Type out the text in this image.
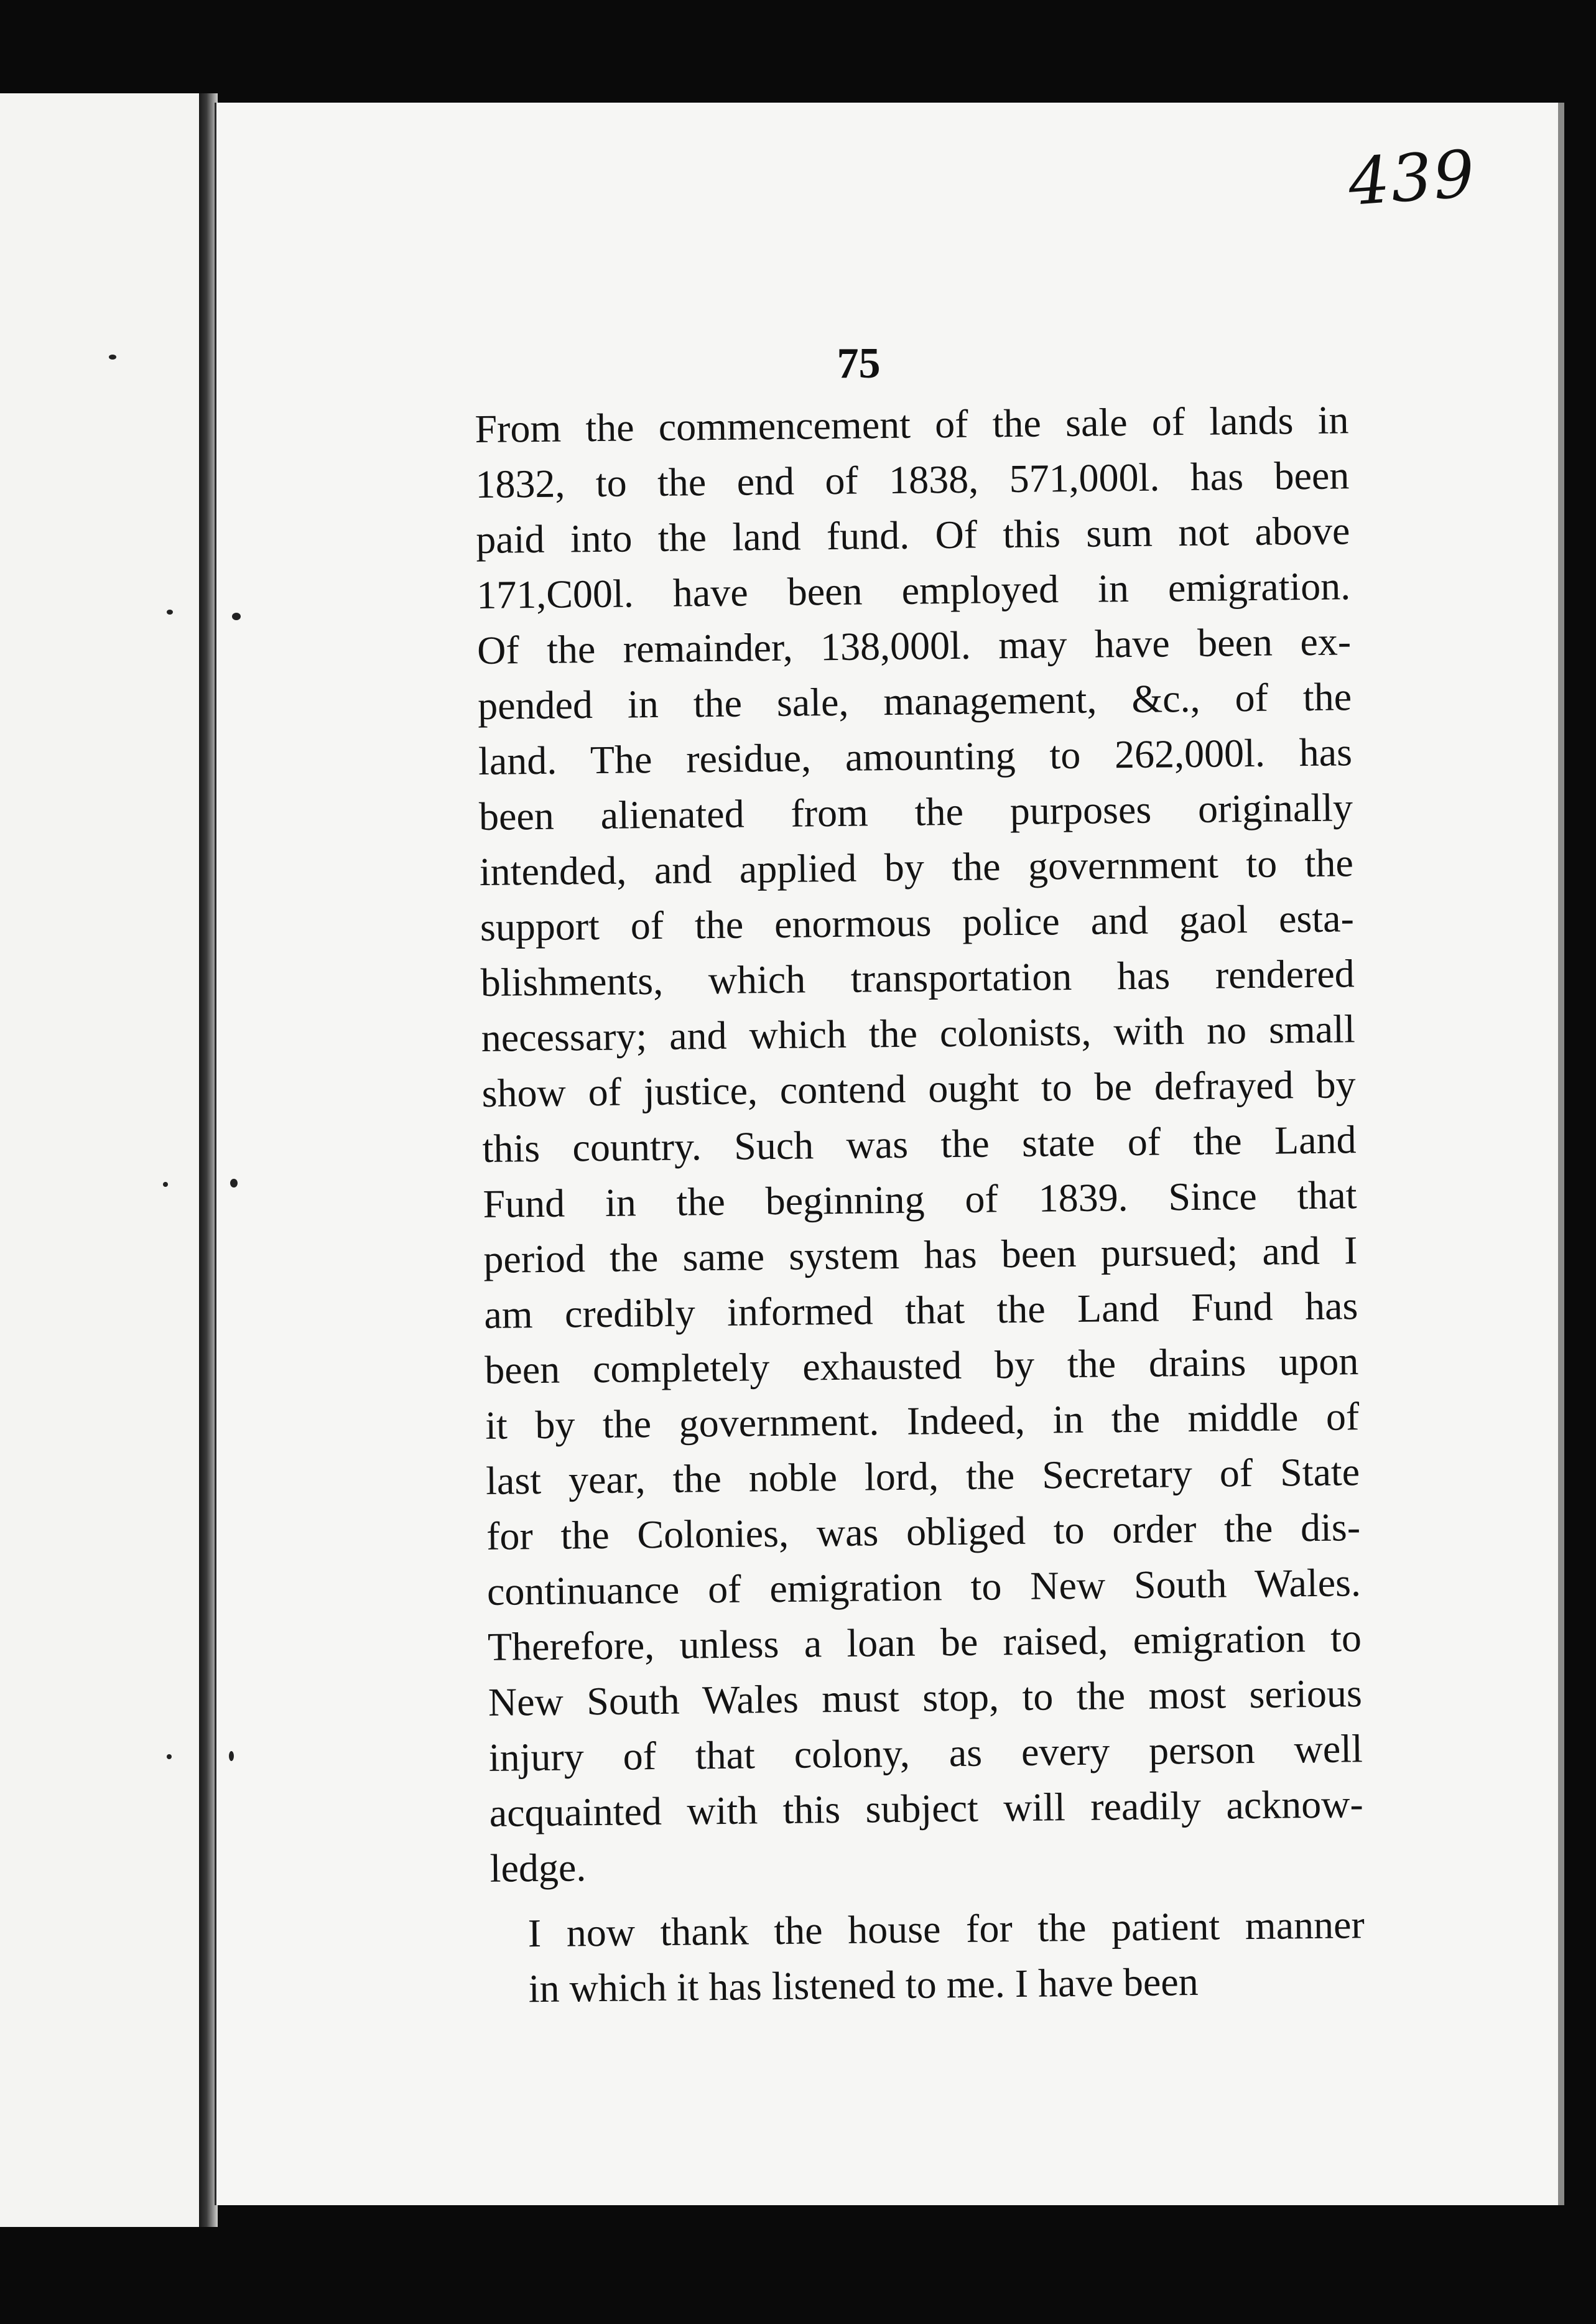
439
75
From the commencement of the sale of lands in
1832, to the end of 1838, 571,000l. has been
paid into the land fund. Of this sum not above
171,C00l. have been employed in emigration.
Of the remainder, 138,000l. may have been ex-
pended in the sale, management, &c., of the
land. The residue, amounting to 262,000l. has
been alienated from the purposes originally
intended, and applied by the government to the
support of the enormous police and gaol esta-
blishments, which transportation has rendered
necessary; and which the colonists, with no small
show of justice, contend ought to be defrayed by
this country. Such was the state of the Land
Fund in the beginning of 1839. Since that
period the same system has been pursued; and I
am credibly informed that the Land Fund has
been completely exhausted by the drains upon
it by the government. Indeed, in the middle of
last year, the noble lord, the Secretary of State
for the Colonies, was obliged to order the dis-
continuance of emigration to New South Wales.
Therefore, unless a loan be raised, emigration to
New South Wales must stop, to the most serious
injury of that colony, as every person well
acquainted with this subject will readily acknow-
ledge.
I now thank the house for the patient manner
in which it has listened to me. I have been
